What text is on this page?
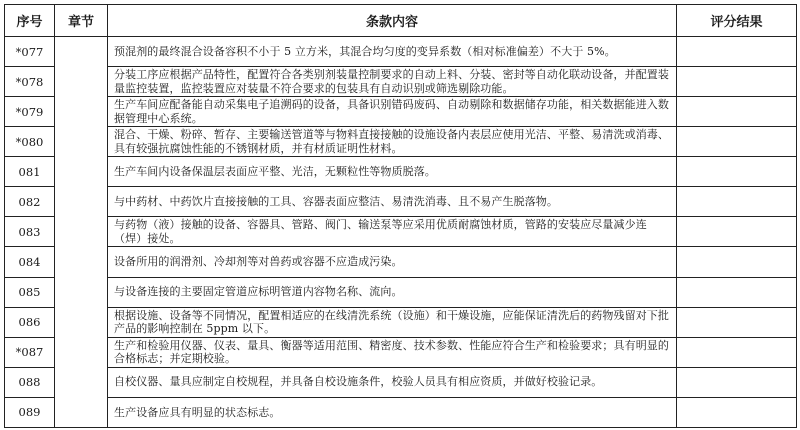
序号	章节	条款内容	评分结果
*077		预混剂的最终混合设备容积不小于 5 立方米，其混合均匀度的变异系数（相对标准偏差）不大于 5%。	
*078		分装工序应根据产品特性，配置符合各类别剂装量控制要求的自动上料、分装、密封等自动化联动设备，并配置装量监控装置，监控装置应对装量不符合要求的包装具有自动识别或筛选剔除功能。	
*079		生产车间应配备能自动采集电子追溯码的设备，具备识别错码废码、自动剔除和数据储存功能，相关数据能进入数据管理中心系统。	
*080		混合、干燥、粉碎、暂存、主要输送管道等与物料直接接触的设施设备内表层应使用光洁、平整、易清洗或消毒、具有较强抗腐蚀性能的不锈钢材质，并有材质证明性材料。	
081		生产车间内设备保温层表面应平整、光洁，无颗粒性等物质脱落。	
082		与中药材、中药饮片直接接触的工具、容器表面应整洁、易清洗消毒、且不易产生脱落物。	
083		与药物（液）接触的设备、容器具、管路、阀门、输送泵等应采用优质耐腐蚀材质，管路的安装应尽量减少连（焊）接处。	
084		设备所用的润滑剂、冷却剂等对兽药或容器不应造成污染。	
085		与设备连接的主要固定管道应标明管道内容物名称、流向。	
086		根据设施、设备等不同情况，配置相适应的在线清洗系统（设施）和干燥设施，应能保证清洗后的药物残留对下批产品的影响控制在 5ppm 以下。	
*087		生产和检验用仪器、仪表、量具、衡器等适用范围、精密度、技术参数、性能应符合生产和检验要求；具有明显的合格标志；并定期校验。	
088		自校仪器、量具应制定自校规程，并具备自校设施条件，校验人员具有相应资质，并做好校验记录。	
089		生产设备应具有明显的状态标志。	
